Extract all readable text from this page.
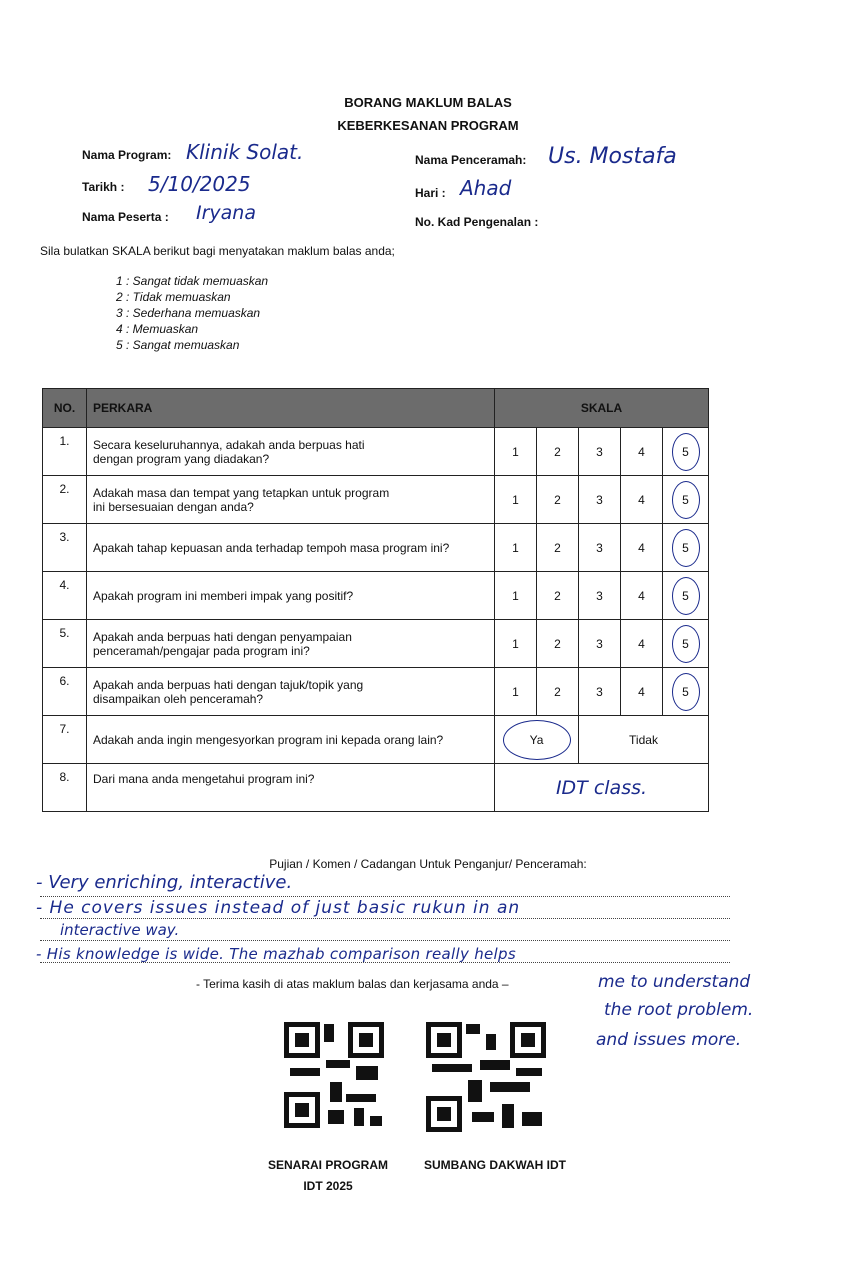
BORANG MAKLUM BALAS
KEBERKESANAN PROGRAM
Nama Program: Klinik Solat.	Nama Penceramah: Us. Mostafa
Tarikh : 5/10/2025	Hari : Ahad
Nama Peserta : Iryana	No. Kad Pengenalan :
Sila bulatkan SKALA berikut bagi menyatakan maklum balas anda;
1 : Sangat tidak memuaskan
2 : Tidak memuaskan
3 : Sederhana memuaskan
4 : Memuaskan
5 : Sangat memuaskan
NO.	PERKARA	SKALA				
1.	Secara keseluruhannya, adakah anda berpuas hati
dengan program yang diadakan?	1	2	3	4	5
2.	Adakah masa dan tempat yang tetapkan untuk program
ini bersesuaian dengan anda?	1	2	3	4	5
3.	Apakah tahap kepuasan anda terhadap tempoh masa program ini?	1	2	3	4	5
4.	Apakah program ini memberi impak yang positif?	1	2	3	4	5
5.	Apakah anda berpuas hati dengan penyampaian
penceramah/pengajar pada program ini?	1	2	3	4	5
6.	Apakah anda berpuas hati dengan tajuk/topik yang
disampaikan oleh penceramah?	1	2	3	4	5
7.	Adakah anda ingin mengesyorkan program ini kepada orang lain?	Ya		Tidak		
8.	Dari mana anda mengetahui program ini?	IDT class.				
Pujian / Komen / Cadangan Untuk Penganjur/ Penceramah:
- Very enriching, interactive.
- He covers issues instead of just basic rukun in an
interactive way.
- His knowledge is wide. The mazhab comparison really helps
- Terima kasih di atas maklum balas dan kerjasama anda –	me to understand
the root problem.
and issues more.
SENARAI PROGRAM
IDT 2025
SUMBANG DAKWAH IDT
